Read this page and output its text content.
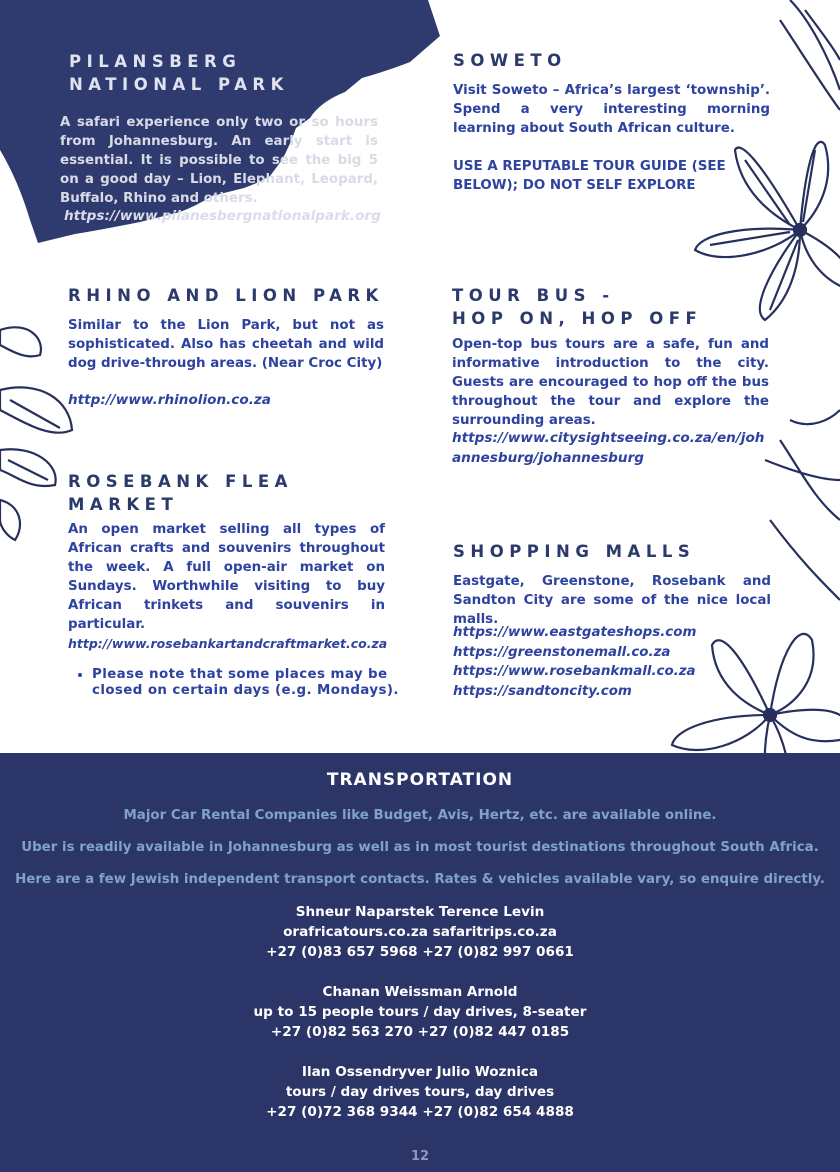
PILANSBERG
NATIONAL PARK

A safari experience only two or so hours from Johannesburg. An early start is essential. It is possible to see the big 5 on a good day – Lion, Elephant, Leopard, Buffalo, Rhino and others.

https://www.pilanesbergnationalpark.org
SOWETO

Visit Soweto – Africa’s largest ‘township’. Spend a very interesting morning learning about South African culture.

USE A REPUTABLE TOUR GUIDE (SEE BELOW); DO NOT SELF EXPLORE

RHINO AND LION PARK

Similar to the Lion Park, but not as sophisticated. Also has cheetah and wild dog drive-through areas. (Near Croc City)

http://www.rhinolion.co.za
TOUR BUS -
HOP ON, HOP OFF

Open-top bus tours are a safe, fun and informative introduction to the city. Guests are encouraged to hop off the bus throughout the tour and explore the surrounding areas.

https://www.citysightseeing.co.za/en/johannesburg/johannesburg
ROSEBANK FLEA
MARKET

An open market selling all types of African crafts and souvenirs throughout the week. A full open-air market on Sundays. Worthwhile visiting to buy African trinkets and souvenirs in particular.

http://www.rosebankartandcraftmarket.co.za
• Please note that some places may be closed on certain days (e.g. Mondays).
SHOPPING MALLS

Eastgate, Greenstone, Rosebank and Sandton City are some of the nice local malls.

https://www.eastgateshops.com
https://greenstonemall.co.za
https://www.rosebankmall.co.za
https://sandtoncity.com
TRANSPORTATION

Major Car Rental Companies like Budget, Avis, Hertz, etc. are available online.

Uber is readily available in Johannesburg as well as in most tourist destinations throughout South Africa.

Here are a few Jewish independent transport contacts. Rates & vehicles available vary, so enquire directly.

Shneur Naparstek Terence Levin
orafricatours.co.za safaritrips.co.za
+27 (0)83 657 5968 +27 (0)82 997 0661

Chanan Weissman Arnold
up to 15 people tours / day drives, 8-seater
+27 (0)82 563 270 +27 (0)82 447 0185

Ilan Ossendryver Julio Woznica
tours / day drives tours, day drives
+27 (0)72 368 9344 +27 (0)82 654 4888

12
